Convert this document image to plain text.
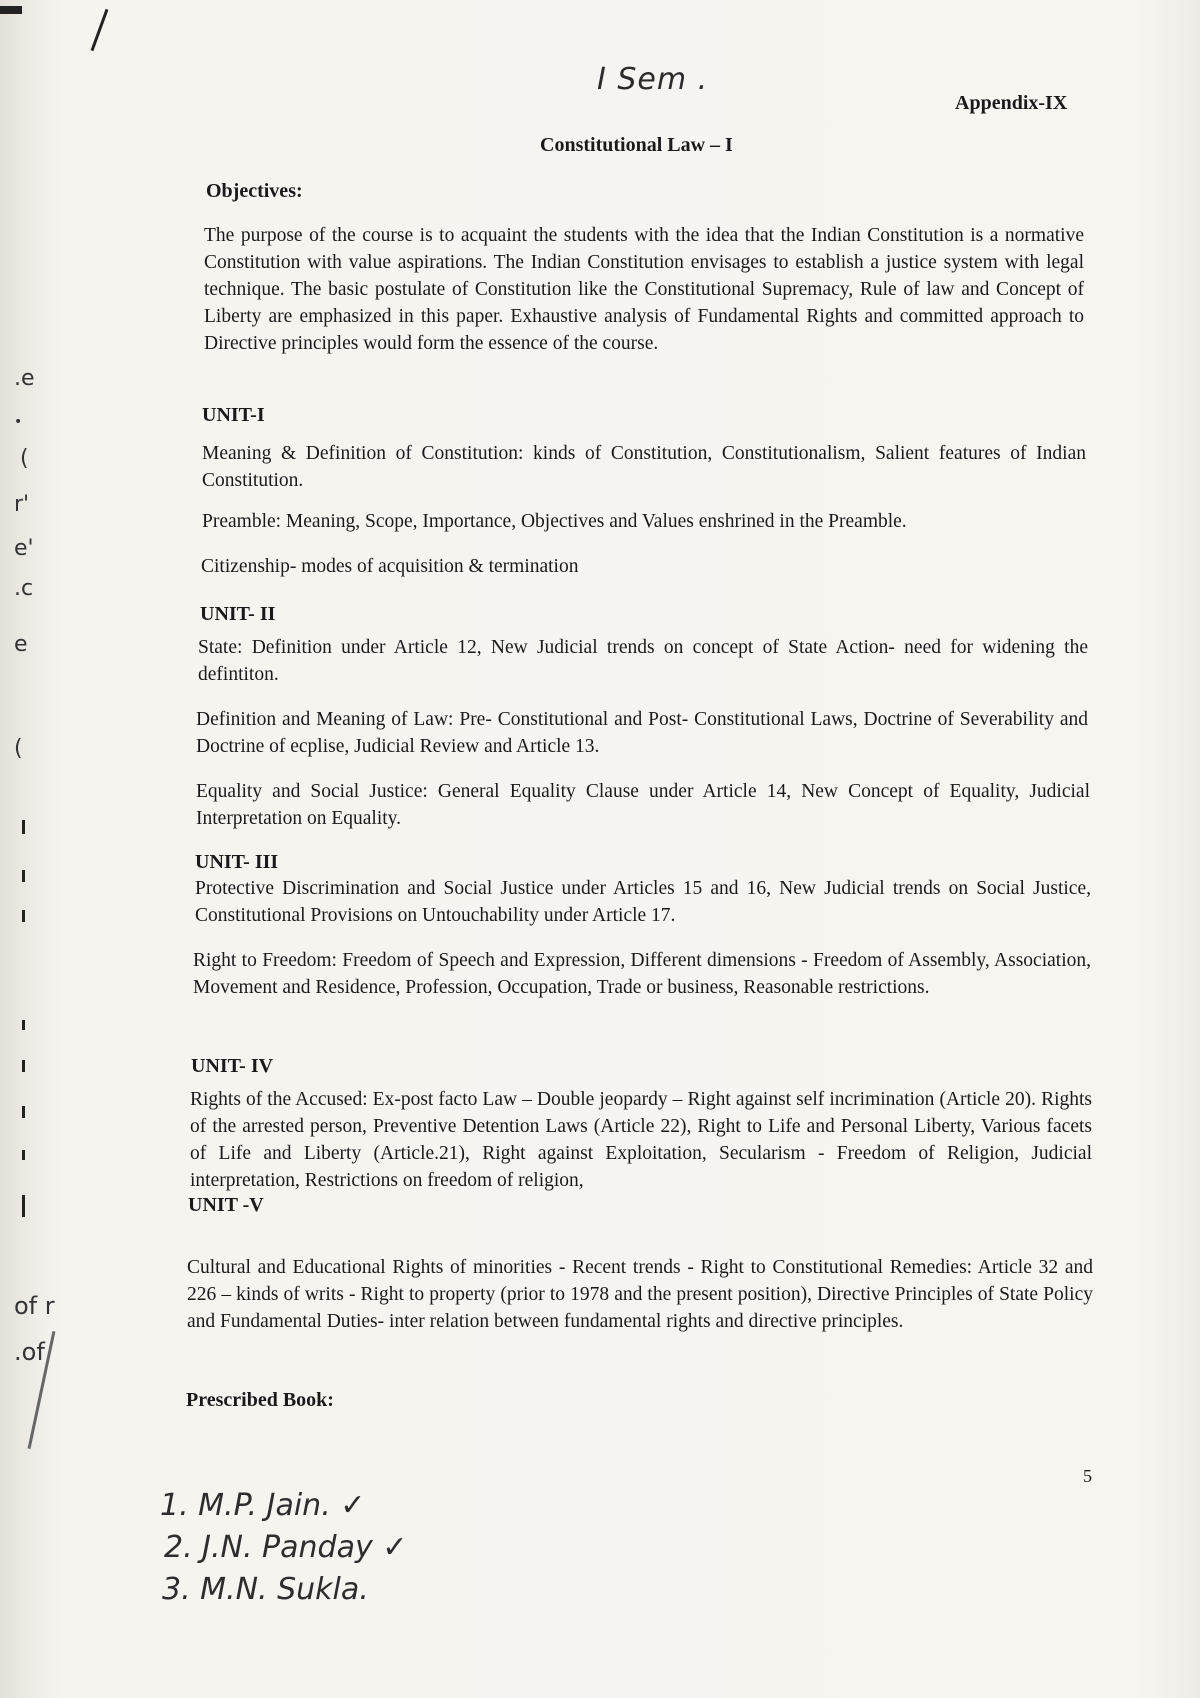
I Sem .
Appendix-IX
Constitutional Law – I
Objectives:

The purpose of the course is to acquaint the students with the idea that the Indian Constitution is a normative Constitution with value aspirations. The Indian Constitution envisages to establish a justice system with legal technique. The basic postulate of Constitution like the Constitutional Supremacy, Rule of law and Concept of Liberty are emphasized in this paper. Exhaustive analysis of Fundamental Rights and committed approach to Directive principles would form the essence of the course.

UNIT-I

Meaning & Definition of Constitution: kinds of Constitution, Constitutionalism, Salient features of Indian Constitution.

Preamble: Meaning, Scope, Importance, Objectives and Values enshrined in the Preamble.

Citizenship- modes of acquisition & termination

UNIT- II

State: Definition under Article 12, New Judicial trends on concept of State Action- need for widening the defintiton.

Definition and Meaning of Law: Pre- Constitutional and Post- Constitutional Laws, Doctrine of Severability and Doctrine of ecplise, Judicial Review and Article 13.

Equality and Social Justice: General Equality Clause under Article 14, New Concept of Equality, Judicial Interpretation on Equality.

UNIT- III

Protective Discrimination and Social Justice under Articles 15 and 16, New Judicial trends on Social Justice, Constitutional Provisions on Untouchability under Article 17.

Right to Freedom: Freedom of Speech and Expression, Different dimensions - Freedom of Assembly, Association, Movement and Residence, Profession, Occupation, Trade or business, Reasonable restrictions.

UNIT- IV

Rights of the Accused: Ex-post facto Law – Double jeopardy – Right against self incrimination (Article 20). Rights of the arrested person, Preventive Detention Laws (Article 22), Right to Life and Personal Liberty, Various facets of Life and Liberty (Article.21), Right against Exploitation, Secularism - Freedom of Religion, Judicial interpretation, Restrictions on freedom of religion,

UNIT -V

Cultural and Educational Rights of minorities - Recent trends - Right to Constitutional Remedies: Article 32 and 226 – kinds of writs - Right to property (prior to 1978 and the present position), Directive Principles of State Policy and Fundamental Duties- inter relation between fundamental rights and directive principles.

Prescribed Book:
5
1. M.P. Jain. ✓
2. J.N. Panday ✓
3. M.N. Sukla.
.e
•
(
r'
e'
.c
e
(
of r
.of
